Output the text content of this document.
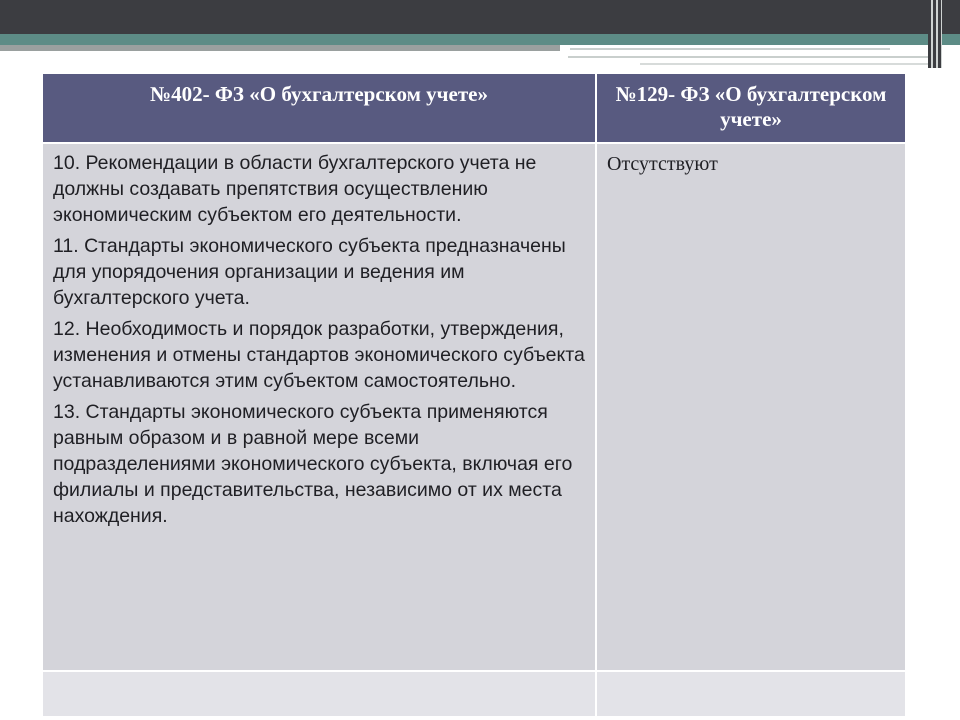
№402- ФЗ «О бухгалтерском учете»	№129- ФЗ «О бухгалтерском учете»

10. Рекомендации в области бухгалтерского учета не должны создавать препятствия осуществлению экономическим субъектом его деятельности.

11. Стандарты экономического субъекта предназначены для упорядочения организации и ведения им бухгалтерского учета.

12. Необходимость и порядок разработки, утверждения, изменения и отмены стандартов экономического субъекта устанавливаются этим субъектом самостоятельно.

13. Стандарты экономического субъекта применяются равным образом и в равной мере всеми подразделениями экономического субъекта, включая его филиалы и представительства, независимо от их места нахождения.	Отсутствуют
